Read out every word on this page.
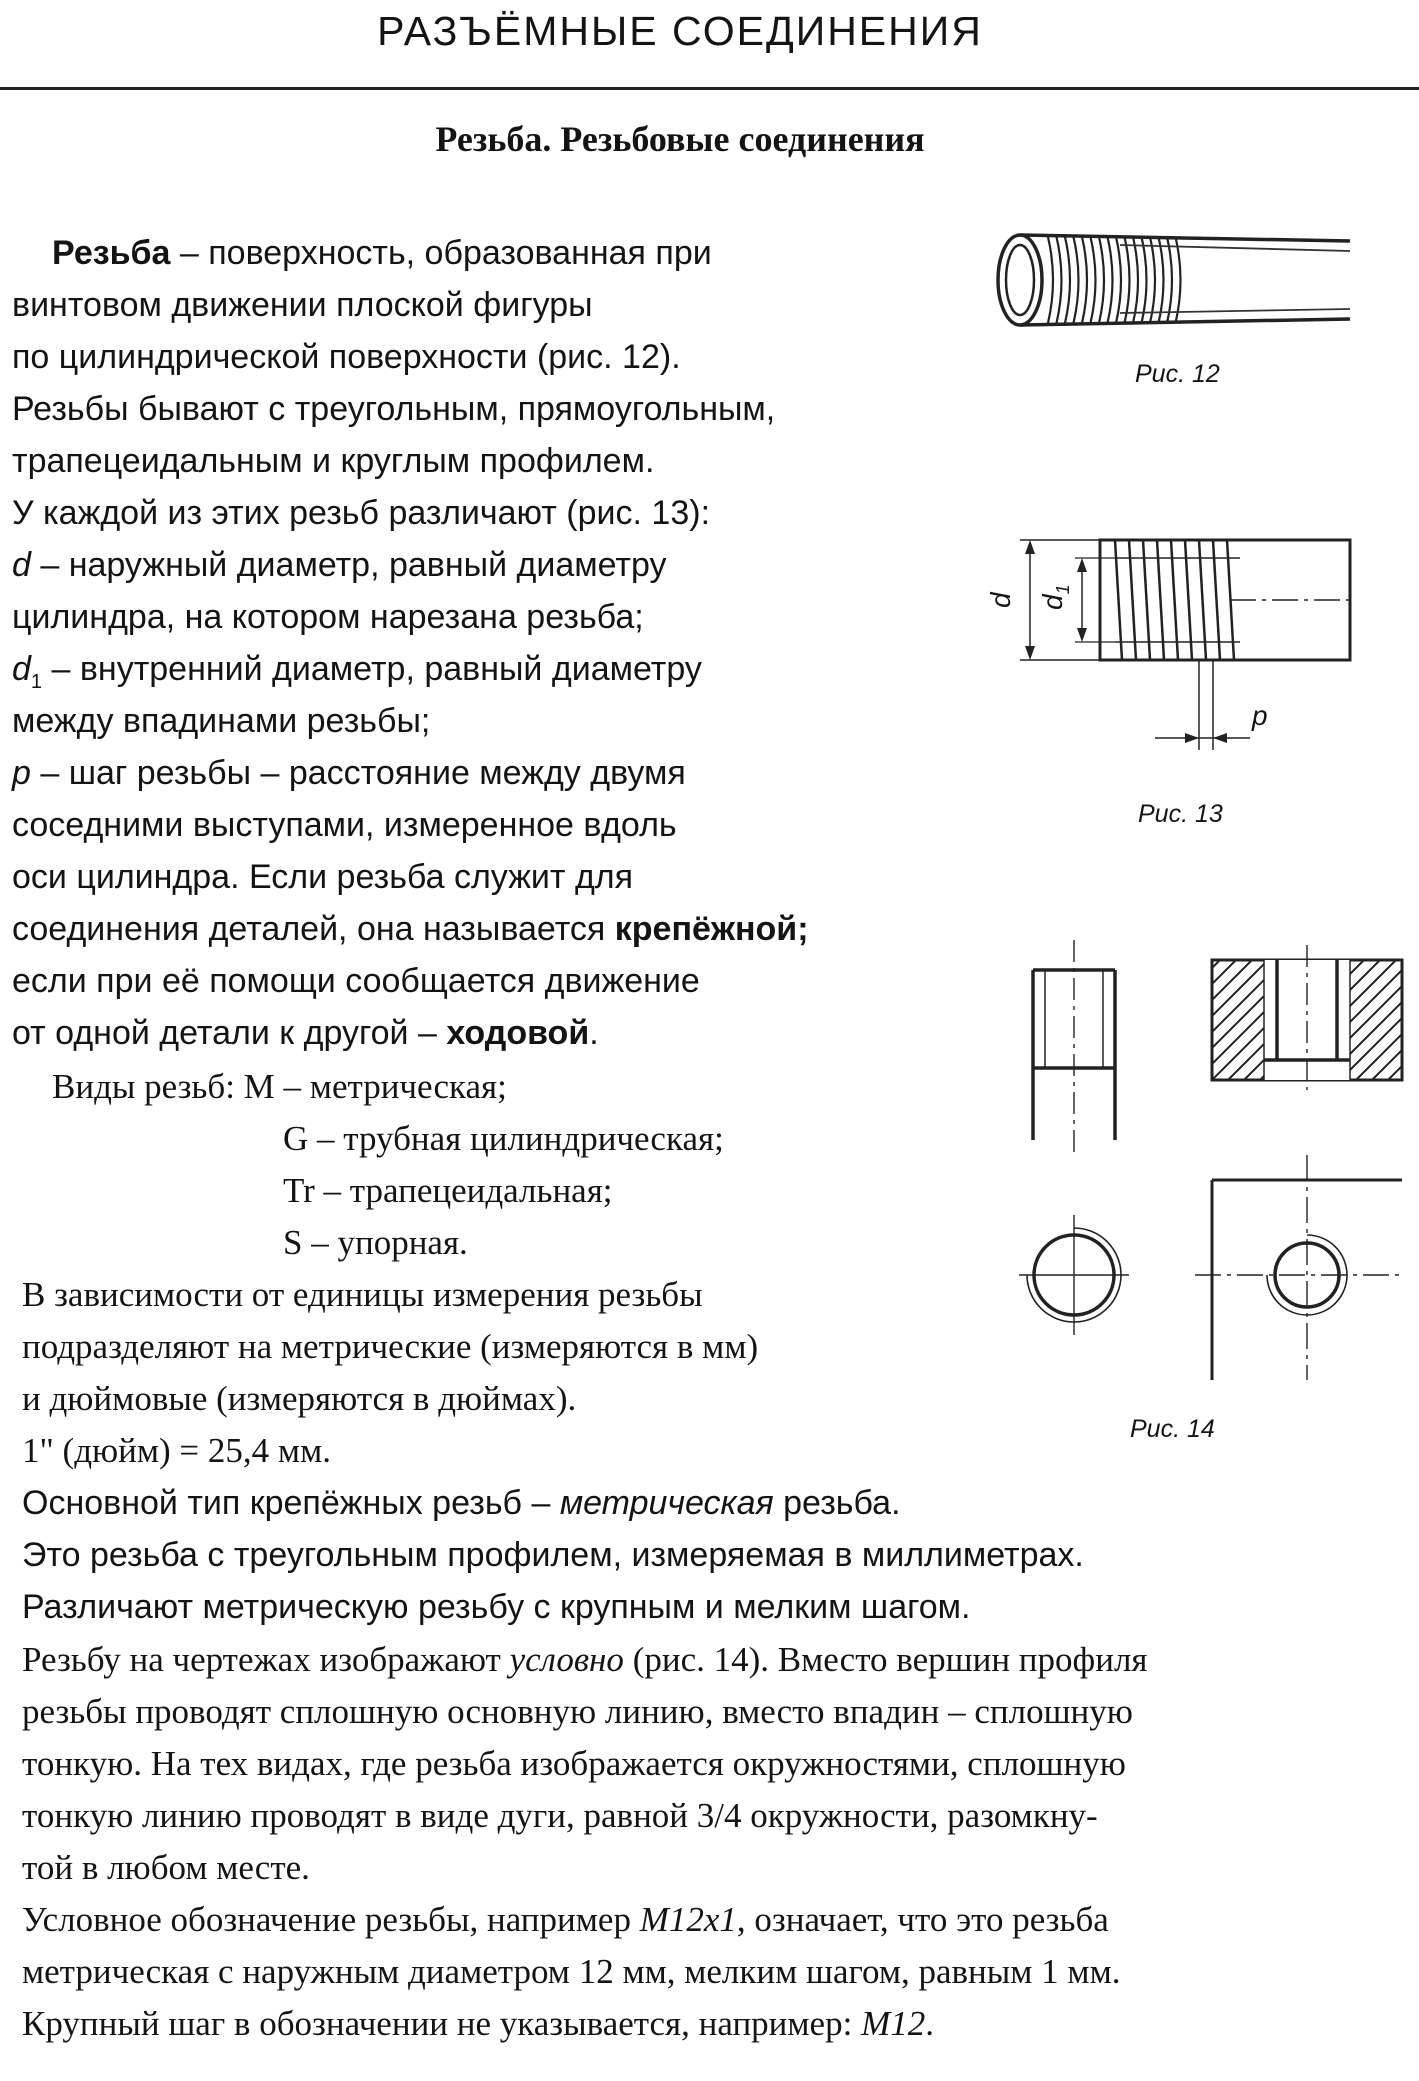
РАЗЪЁМНЫЕ СОЕДИНЕНИЯ
Резьба. Резьбовые соединения
Резьба – поверхность, образованная при
винтовом движении плоской фигуры
по цилиндрической поверхности (рис. 12).
Резьбы бывают с треугольным, прямоугольным,
трапецеидальным и круглым профилем.
У каждой из этих резьб различают (рис. 13):
d – наружный диаметр, равный диаметру
цилиндра, на котором нарезана резьба;
$d_1$ – внутренний диаметр, равный диаметру
между впадинами резьбы;
p – шаг резьбы – расстояние между двумя
соседними выступами, измеренное вдоль
оси цилиндра. Если резьба служит для
соединения деталей, она называется крепёжной;
если при её помощи сообщается движение
от одной детали к другой – ходовой.
Виды резьб: М – метрическая;
G – трубная цилиндрическая;
Tr – трапецеидальная;
S – упорная.
В зависимости от единицы измерения резьбы
подразделяют на метрические (измеряются в мм)
и дюймовые (измеряются в дюймах).
1" (дюйм) = 25,4 мм.
Основной тип крепёжных резьб – метрическая резьба.
Это резьба с треугольным профилем, измеряемая в миллиметрах.
Различают метрическую резьбу с крупным и мелким шагом.
Резьбу на чертежах изображают условно (рис. 14). Вместо вершин профиля
резьбы проводят сплошную основную линию, вместо впадин – сплошную
тонкую. На тех видах, где резьба изображается окружностями, сплошную
тонкую линию проводят в виде дуги, равной 3/4 окружности, разомкну-
той в любом месте.
Условное обозначение резьбы, например М12х1, означает, что это резьба
метрическая с наружным диаметром 12 мм, мелким шагом, равным 1 мм.
Крупный шаг в обозначении не указывается, например: М12.
Рис. 12
d $d_1$
p
Рис. 13
Рис. 14
